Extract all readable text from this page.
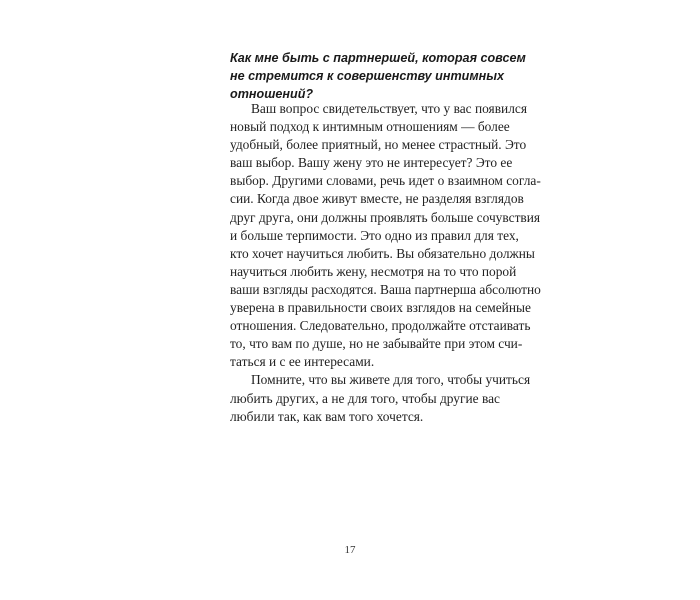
Как мне быть с партнершей, которая совсем
не стремится к совершенству интимных
отношений?
Ваш вопрос свидетельствует, что у вас появился
новый подход к интимным отношениям — более
удобный, более приятный, но менее страстный. Это
ваш выбор. Вашу жену это не интересует? Это ее
выбор. Другими словами, речь идет о взаимном согла-
сии. Когда двое живут вместе, не разделяя взглядов
друг друга, они должны проявлять больше сочувствия
и больше терпимости. Это одно из правил для тех,
кто хочет научиться любить. Вы обязательно должны
научиться любить жену, несмотря на то что порой
ваши взгляды расходятся. Ваша партнерша абсолютно
уверена в правильности своих взглядов на семейные
отношения. Следовательно, продолжайте отстаивать
то, что вам по душе, но не забывайте при этом счи-
таться и с ее интересами.
Помните, что вы живете для того, чтобы учиться
любить других, а не для того, чтобы другие вас
любили так, как вам того хочется.
17
